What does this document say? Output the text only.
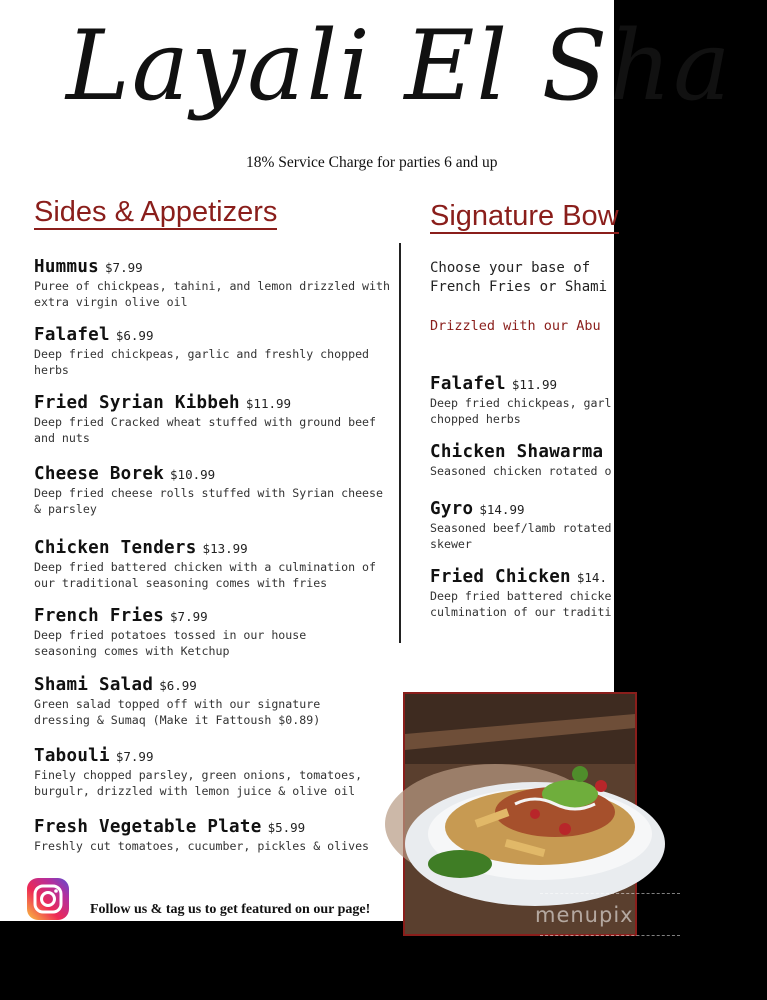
Layali El Sha
18% Service Charge for parties 6 and up
Sides & Appetizers	Signature Bow
Hummus $7.99
Puree of chickpeas, tahini, and lemon drizzled with extra virgin olive oil
Falafel $6.99
Deep fried chickpeas, garlic and freshly chopped herbs
Fried Syrian Kibbeh $11.99
Deep fried Cracked wheat stuffed with ground beef and nuts
Cheese Borek $10.99
Deep fried cheese rolls stuffed with Syrian cheese & parsley
Chicken Tenders $13.99
Deep fried battered chicken with a culmination of our traditional seasoning comes with fries
French Fries $7.99
Deep fried potatoes tossed in our house seasoning comes with Ketchup
Shami Salad $6.99
Green salad topped off with our signature dressing & Sumaq (Make it Fattoush $0.89)
Tabouli $7.99
Finely chopped parsley, green onions, tomatoes, burgulr, drizzled with lemon juice & olive oil
Fresh Vegetable Plate $5.99
Freshly cut tomatoes, cucumber, pickles & olives
Choose your base of
French Fries or Shami
Drizzled with our Abu
Falafel $11.99
Deep fried chickpeas, garl
chopped herbs
Chicken Shawarma
Seasoned chicken rotated o
Gyro $14.99
Seasoned beef/lamb rotated
skewer
Fried Chicken $14.
Deep fried battered chicke
culmination of our traditi
Follow us & tag us to get featured on our page!	menupix
